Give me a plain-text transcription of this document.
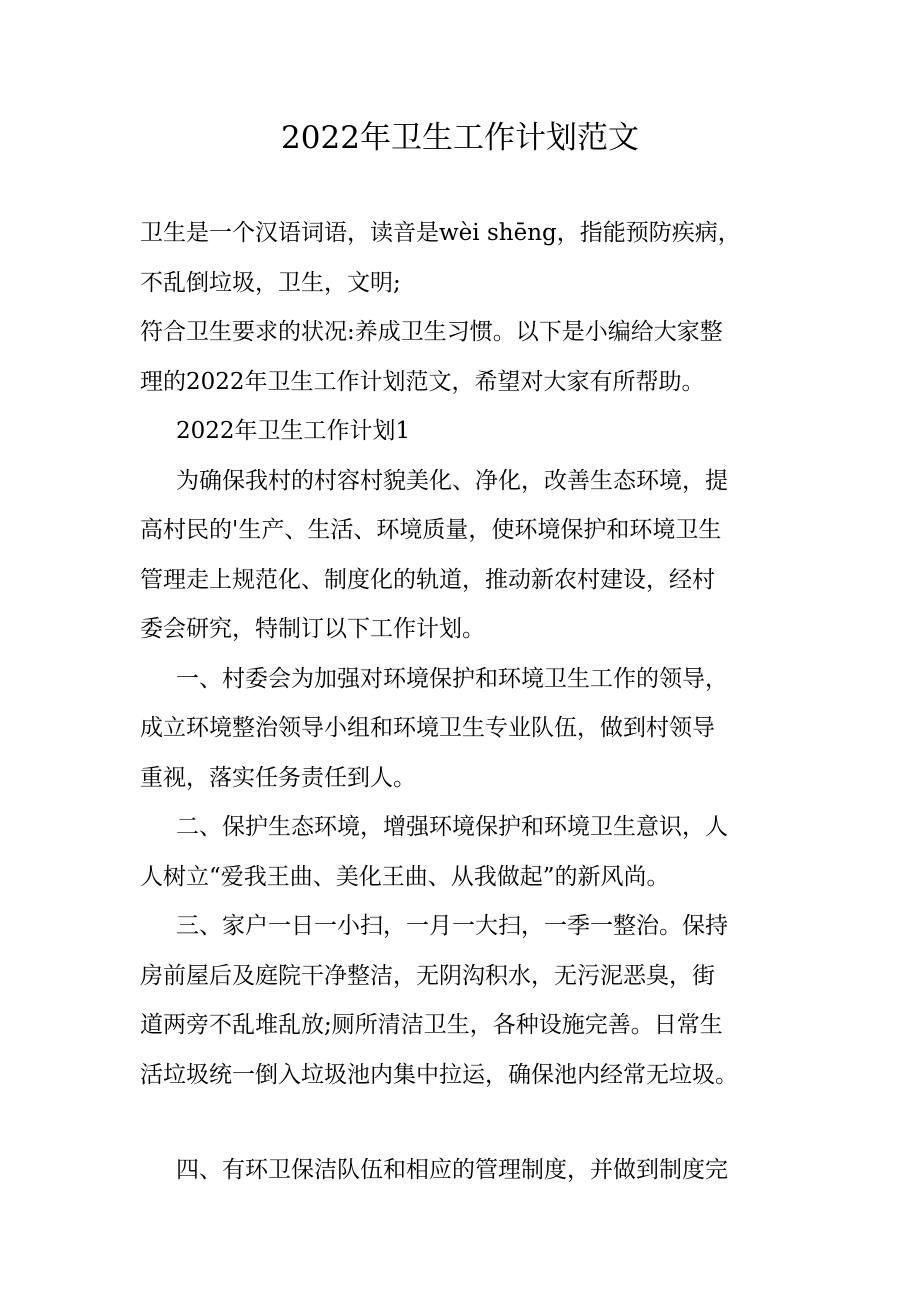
2022年卫生工作计划范文
卫生是一个汉语词语，读音是wèi shēng，指能预防疾病，
不乱倒垃圾，卫生，文明;
符合卫生要求的状况:养成卫生习惯。以下是小编给大家整
理的2022年卫生工作计划范文，希望对大家有所帮助。
2022年卫生工作计划1
为确保我村的村容村貌美化、净化，改善生态环境，提
高村民的'生产、生活、环境质量，使环境保护和环境卫生
管理走上规范化、制度化的轨道，推动新农村建设，经村
委会研究，特制订以下工作计划。
一、村委会为加强对环境保护和环境卫生工作的领导，
成立环境整治领导小组和环境卫生专业队伍，做到村领导
重视，落实任务责任到人。
二、保护生态环境，增强环境保护和环境卫生意识，人
人树立“爱我王曲、美化王曲、从我做起”的新风尚。
三、家户一日一小扫，一月一大扫，一季一整治。保持
房前屋后及庭院干净整洁，无阴沟积水，无污泥恶臭，街
道两旁不乱堆乱放;厕所清洁卫生，各种设施完善。日常生
活垃圾统一倒入垃圾池内集中拉运，确保池内经常无垃圾。
四、有环卫保洁队伍和相应的管理制度，并做到制度完
